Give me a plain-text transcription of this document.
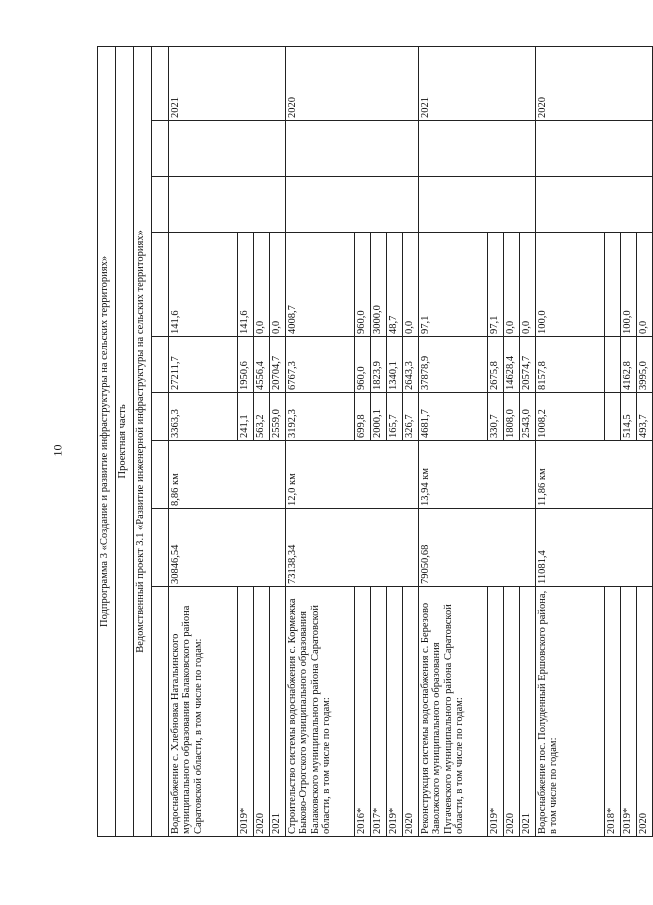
10	Подпрограмма 3 «Создание и развитие инфраструктуры на сельских территориях»								
Проектная часть								
Ведомственный проект 3.1 «Развитие инженерной инфраструктуры на сельских территориях»								

Водоснабжение с. Хлебновка Натальинского муниципального образования Балаковского района Саратовской области, в том числе по годам:	30846,54	8,86 км	3363,3	27211,7	141,6			2021
2019*			241,1	1950,6	141,6			
2020			563,2	4556,4	0,0			
2021			2559,0	20704,7	0,0			
Строительство системы водоснабжения с. Кормежка Быково-Отрогского муниципального образования Балаковского муниципального района Саратовской области, в том числе по годам:	73138,34	12,0 км	3192,3	6767,3	4008,7			2020
2016*			699,8	960,0	960,0			
2017*			2000,1	1823,9	3000,0			
2019*			165,7	1340,1	48,7			
2020			326,7	2643,3	0,0			
Реконструкция системы водоснабжения с. Березово Заволжского муниципального образования Пугачевского муниципального района Саратовской области, в том числе по годам:	79050,68	13,94 км	4681,7	37878,9	97,1			2021
2019*			330,7	2675,8	97,1			
2020			1808,0	14628,4	0,0			
2021			2543,0	20574,7	0,0			
Водоснабжение пос. Полуденный Ершовского района, в том числе по годам:	11081,4	11,86 км	1008,2	8157,8	100,0			2020
2018*								
2019*			514,5	4162,8	100,0			
2020			493,7	3995,0	0,0			
